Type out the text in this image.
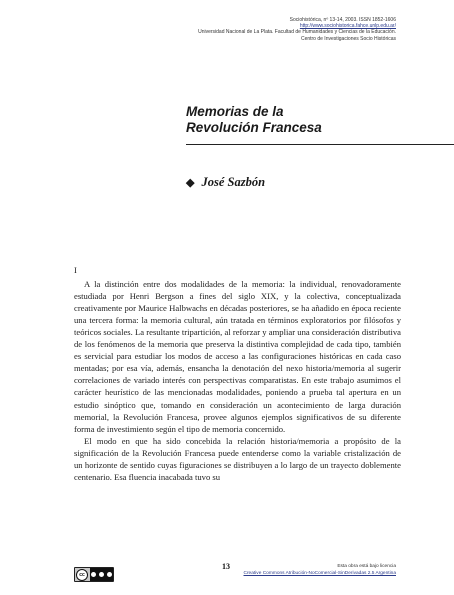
Sociohistórica, nº 13-14, 2003. ISSN 1852-1606
http://www.sociohistorica.fahce.unlp.edu.ar/
Universidad Nacional de La Plata. Facultad de Humanidades y Ciencias de la Educación.
Centro de Investigaciones Socio Históricas
Memorias de la
Revolución Francesa
◆ José Sazbón
I

A la distinción entre dos modalidades de la memoria: la individual, renovadoramente estudiada por Henri Bergson a fines del siglo XIX, y la colectiva, conceptualizada creativamente por Maurice Halbwachs en décadas posteriores, se ha añadido en época reciente una tercera forma: la memoria cultural, aún tratada en términos exploratorios por filósofos y teóricos sociales. La resultante tripartición, al reforzar y ampliar una consideración distributiva de los fenómenos de la memoria que preserva la distintiva complejidad de cada tipo, también es servicial para estudiar los modos de acceso a las configuraciones históricas en cada caso mentadas; por esa vía, además, ensancha la denotación del nexo historia/memoria al sugerir correlaciones de variado interés con perspectivas comparatistas. En este trabajo asumimos el carácter heurístico de las mencionadas modalidades, poniendo a prueba tal apertura en un estudio sinóptico que, tomando en consideración un acontecimiento de larga duración memorial, la Revolución Francesa, provee algunos ejemplos significativos de su diferente forma de investimiento según el tipo de memoria concernido.

El modo en que ha sido concebida la relación historia/memoria a propósito de la significación de la Revolución Francesa puede entenderse como la variable cristalización de un horizonte de sentido cuyas figuraciones se distribuyen a lo largo de un trayecto doblemente centenario. Esa fluencia inacabada tuvo su

cc
13	Esta obra está bajo licencia
Creative Commons Atribución-NoComercial-SinDerivadas 2.5 Argentina
